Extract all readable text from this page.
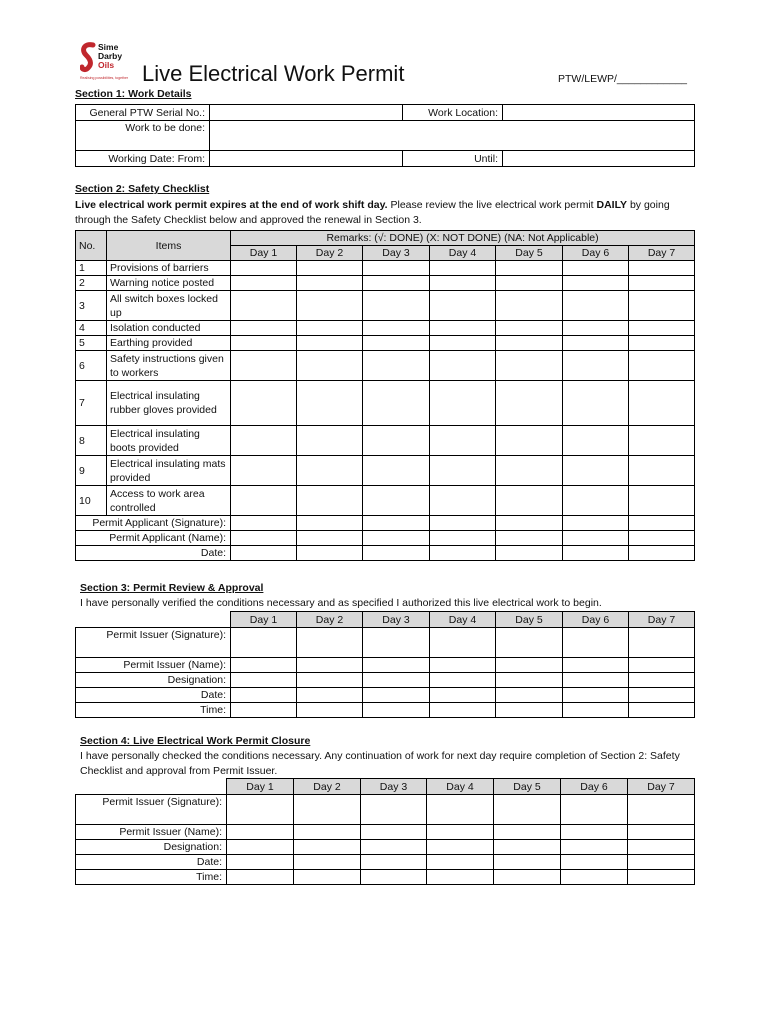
Sime
Darby
Oils
Realising possibilities, together Live Electrical Work Permit	PTW/LEWP/____________
Section 1: Work Details
General PTW Serial No.:		Work Location:	
Work to be done:			
Working Date: From:		Until:	
Section 2: Safety Checklist
Live electrical work permit expires at the end of work shift day. Please review the live electrical work permit DAILY by going through the Safety Checklist below and approved the renewal in Section 3.
No.	Items	Remarks: (√: DONE) (X: NOT DONE) (NA: Not Applicable)						
		Day 1	Day 2	Day 3	Day 4	Day 5	Day 6	Day 7
1	Provisions of barriers							
2	Warning notice posted							
3	All switch boxes locked up							
4	Isolation conducted							
5	Earthing provided							
6	Safety instructions given to workers							
7	Electrical insulating rubber gloves provided							
8	Electrical insulating boots provided							
9	Electrical insulating mats provided							
10	Access to work area controlled							
Permit Applicant (Signature):								
Permit Applicant (Name):								
Date:								
Section 3: Permit Review & Approval
I have personally verified the conditions necessary and as specified I authorized this live electrical work to begin.
	Day 1	Day 2	Day 3	Day 4	Day 5	Day 6	Day 7
Permit Issuer (Signature):							
Permit Issuer (Name):							
Designation:							
Date:							
Time:							
Section 4: Live Electrical Work Permit Closure
I have personally checked the conditions necessary. Any continuation of work for next day require completion of Section 2: Safety Checklist and approval from Permit Issuer.
	Day 1	Day 2	Day 3	Day 4	Day 5	Day 6	Day 7
Permit Issuer (Signature):							
Permit Issuer (Name):							
Designation:							
Date:							
Time:							
